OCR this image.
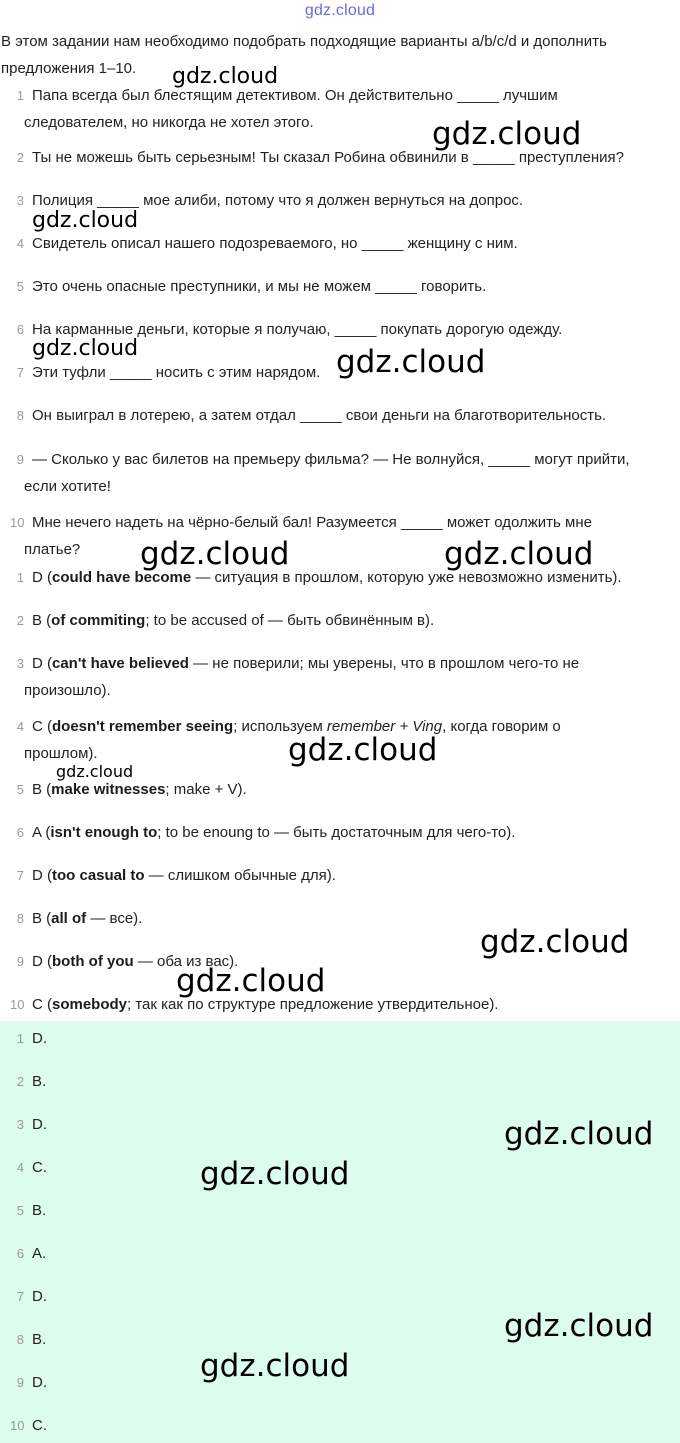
gdz.cloud
В этом задании нам необходимо подобрать подходящие варианты a/b/c/d и дополнить предложения 1–10.
1 Папа всегда был блестящим детективом. Он действительно _____ лучшим
следователем, но никогда не хотел этого.
2 Ты не можешь быть серьезным! Ты сказал Робина обвинили в _____ преступления?
3 Полиция _____ мое алиби, потому что я должен вернуться на допрос.
4 Свидетель описал нашего подозреваемого, но _____ женщину с ним.
5 Это очень опасные преступники, и мы не можем _____ говорить.
6 На карманные деньги, которые я получаю, _____ покупать дорогую одежду.
7 Эти туфли _____ носить с этим нарядом.
8 Он выиграл в лотерею, а затем отдал _____ свои деньги на благотворительность.
9 — Сколько у вас билетов на премьеру фильма? — Не волнуйся, _____ могут прийти,
если хотите!
10 Мне нечего надеть на чёрно-белый бал! Разумеется _____ может одолжить мне
платье?
1 D (could have become — ситуация в прошлом, которую уже невозможно изменить).
2 B (of commiting; to be accused of — быть обвинённым в).
3 D (can't have believed — не поверили; мы уверены, что в прошлом чего-то не
произошло).
4 C (doesn't remember seeing; используем remember + Ving, когда говорим о
прошлом).
5 B (make witnesses; make + V).
6 A (isn't enough to; to be enoung to — быть достаточным для чего-то).
7 D (too casual to — слишком обычные для).
8 B (all of — все).
9 D (both of you — оба из вас).
10 C (somebody; так как по структуре предложение утвердительное).
1 D.
2 B.
3 D.
4 C.
5 B.
6 A.
7 D.
8 B.
9 D.
10 C.
gdz.cloud
gdz.cloud
gdz.cloud
gdz.cloud	gdz.cloud
gdz.cloud	gdz.cloud
gdz.cloud
gdz.cloud
gdz.cloud
gdz.cloud
gdz.cloud
gdz.cloud
gdz.cloud
gdz.cloud
